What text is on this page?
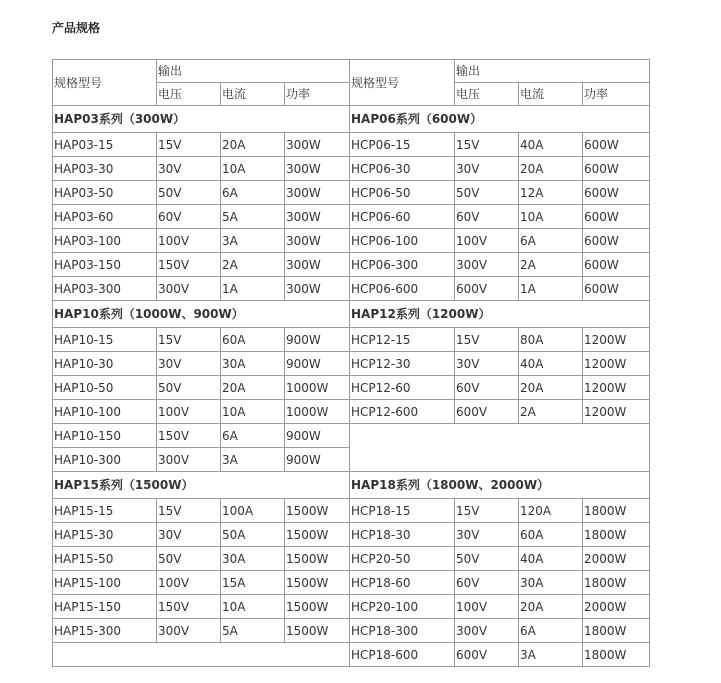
产品规格
规格型号	输出			规格型号	输出		
	电压	电流	功率		电压	电流	功率
HAP03系列（300W）				HAP06系列（600W）			
HAP03-15	15V	20A	300W	HCP06-15	15V	40A	600W
HAP03-30	30V	10A	300W	HCP06-30	30V	20A	600W
HAP03-50	50V	6A	300W	HCP06-50	50V	12A	600W
HAP03-60	60V	5A	300W	HCP06-60	60V	10A	600W
HAP03-100	100V	3A	300W	HCP06-100	100V	6A	600W
HAP03-150	150V	2A	300W	HCP06-300	300V	2A	600W
HAP03-300	300V	1A	300W	HCP06-600	600V	1A	600W
HAP10系列（1000W、900W）				HAP12系列（1200W）			
HAP10-15	15V	60A	900W	HCP12-15	15V	80A	1200W
HAP10-30	30V	30A	900W	HCP12-30	30V	40A	1200W
HAP10-50	50V	20A	1000W	HCP12-60	60V	20A	1200W
HAP10-100	100V	10A	1000W	HCP12-600	600V	2A	1200W
HAP10-150	150V	6A	900W				
HAP10-300	300V	3A	900W				
HAP15系列（1500W）				HAP18系列（1800W、2000W）			
HAP15-15	15V	100A	1500W	HCP18-15	15V	120A	1800W
HAP15-30	30V	50A	1500W	HCP18-30	30V	60A	1800W
HAP15-50	50V	30A	1500W	HCP20-50	50V	40A	2000W
HAP15-100	100V	15A	1500W	HCP18-60	60V	30A	1800W
HAP15-150	150V	10A	1500W	HCP20-100	100V	20A	2000W
HAP15-300	300V	5A	1500W	HCP18-300	300V	6A	1800W
				HCP18-600	600V	3A	1800W
